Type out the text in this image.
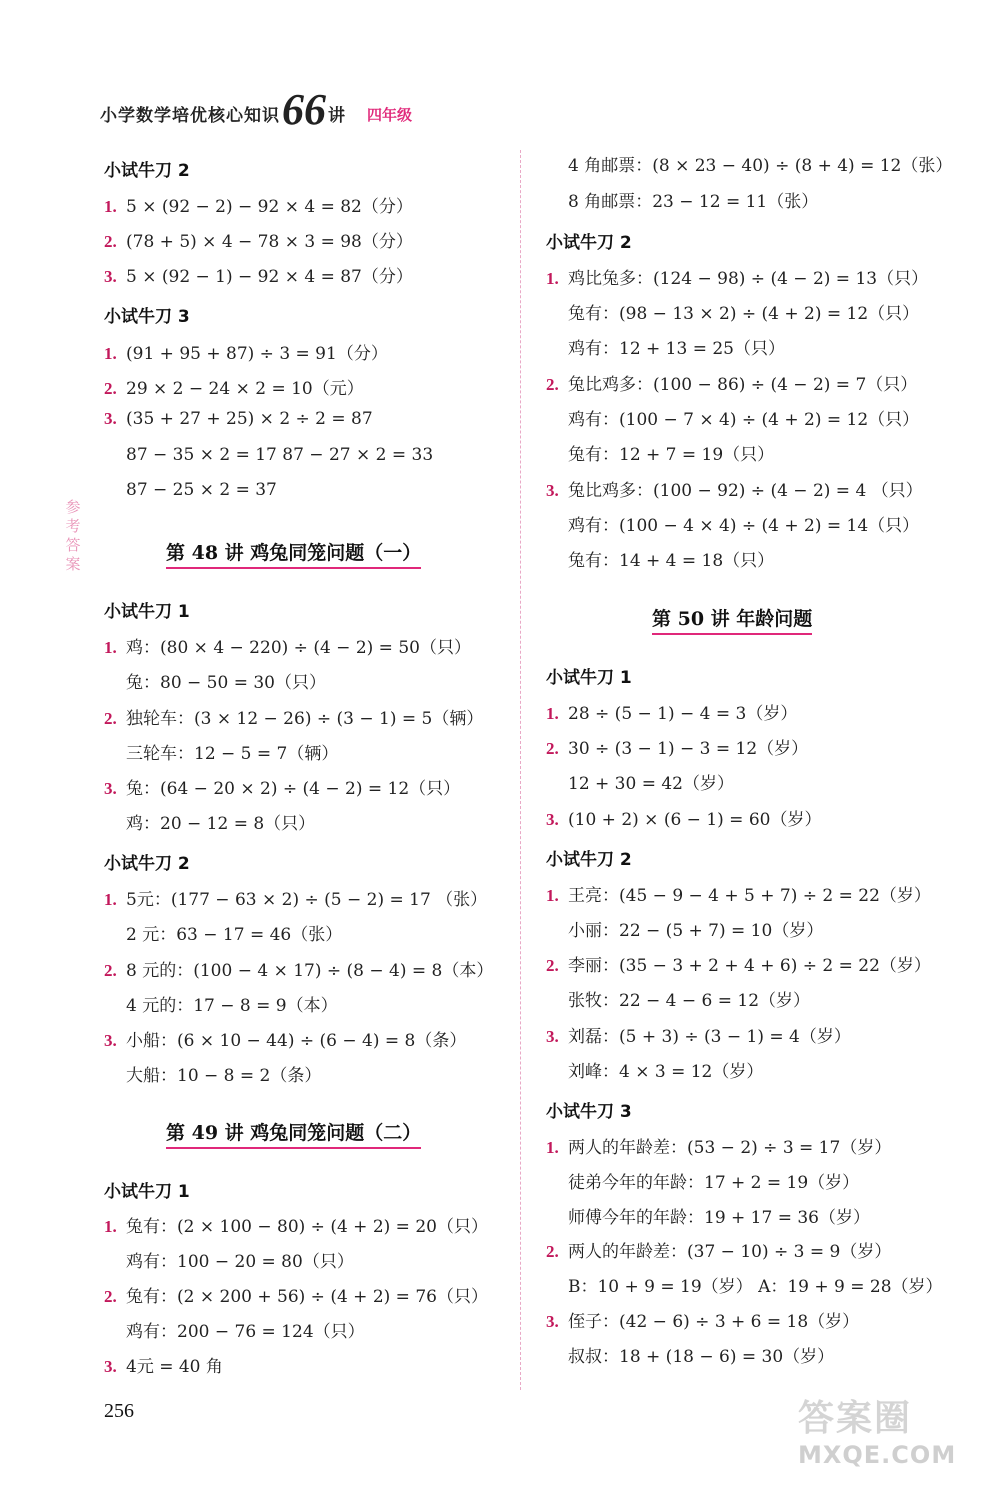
小学数学培优核心知识 66 讲 四年级
参考答案
小试牛刀 2
1. 5 × (92 − 2) − 92 × 4 = 82（分）
2. (78 + 5) × 4 − 78 × 3 = 98（分）
3. 5 × (92 − 1) − 92 × 4 = 87（分）
小试牛刀 3
1. (91 + 95 + 87) ÷ 3 = 91（分）
2. 29 × 2 − 24 × 2 = 10（元）
3. (35 + 27 + 25) × 2 ÷ 2 = 87
87 − 35 × 2 = 17 87 − 27 × 2 = 33
87 − 25 × 2 = 37
第 48 讲 鸡兔同笼问题（一）
小试牛刀 1
1. 鸡：(80 × 4 − 220) ÷ (4 − 2) = 50（只）
兔：80 − 50 = 30（只）
2. 独轮车：(3 × 12 − 26) ÷ (3 − 1) = 5（辆）
三轮车：12 − 5 = 7（辆）
3. 兔：(64 − 20 × 2) ÷ (4 − 2) = 12（只）
鸡：20 − 12 = 8（只）
小试牛刀 2
1. 5元：(177 − 63 × 2) ÷ (5 − 2) = 17 （张）
2 元：63 − 17 = 46（张）
2. 8 元的：(100 − 4 × 17) ÷ (8 − 4) = 8（本）
4 元的：17 − 8 = 9（本）
3. 小船：(6 × 10 − 44) ÷ (6 − 4) = 8（条）
大船：10 − 8 = 2（条）
第 49 讲 鸡兔同笼问题（二）
小试牛刀 1
1. 兔有：(2 × 100 − 80) ÷ (4 + 2) = 20（只）
鸡有：100 − 20 = 80（只）
2. 兔有：(2 × 200 + 56) ÷ (4 + 2) = 76（只）
鸡有：200 − 76 = 124（只）
3. 4元 = 40 角
4 角邮票：(8 × 23 − 40) ÷ (8 + 4) = 12（张）
8 角邮票：23 − 12 = 11（张）
小试牛刀 2
1. 鸡比兔多：(124 − 98) ÷ (4 − 2) = 13（只）
兔有：(98 − 13 × 2) ÷ (4 + 2) = 12（只）
鸡有：12 + 13 = 25（只）
2. 兔比鸡多：(100 − 86) ÷ (4 − 2) = 7（只）
鸡有：(100 − 7 × 4) ÷ (4 + 2) = 12（只）
兔有：12 + 7 = 19（只）
3. 兔比鸡多：(100 − 92) ÷ (4 − 2) = 4 （只）
鸡有：(100 − 4 × 4) ÷ (4 + 2) = 14（只）
兔有：14 + 4 = 18（只）
第 50 讲 年龄问题
小试牛刀 1
1. 28 ÷ (5 − 1) − 4 = 3（岁）
2. 30 ÷ (3 − 1) − 3 = 12（岁）
12 + 30 = 42（岁）
3. (10 + 2) × (6 − 1) = 60（岁）
小试牛刀 2
1. 王亮：(45 − 9 − 4 + 5 + 7) ÷ 2 = 22（岁）
小丽：22 − (5 + 7) = 10（岁）
2. 李丽：(35 − 3 + 2 + 4 + 6) ÷ 2 = 22（岁）
张牧：22 − 4 − 6 = 12（岁）
3. 刘磊：(5 + 3) ÷ (3 − 1) = 4（岁）
刘峰：4 × 3 = 12（岁）
小试牛刀 3
1. 两人的年龄差：(53 − 2) ÷ 3 = 17（岁）
徒弟今年的年龄：17 + 2 = 19（岁）
师傅今年的年龄：19 + 17 = 36（岁）
2. 两人的年龄差：(37 − 10) ÷ 3 = 9（岁）
B：10 + 9 = 19（岁） A：19 + 9 = 28（岁）
3. 侄子：(42 − 6) ÷ 3 + 6 = 18（岁）
叔叔：18 + (18 − 6) = 30（岁）
256	答案圈
MXQE.COM
